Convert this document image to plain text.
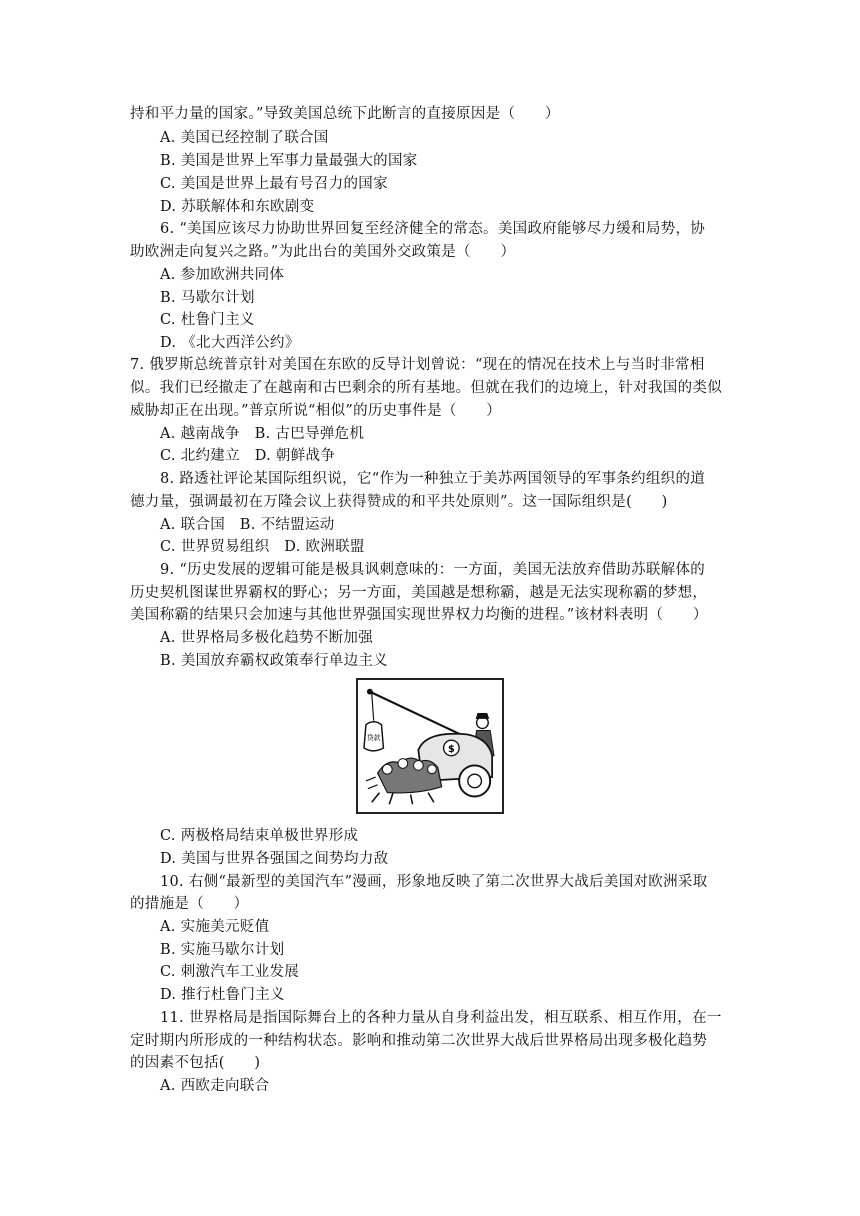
持和平力量的国家。”导致美国总统下此断言的直接原因是（　　）
A. 美国已经控制了联合国
B. 美国是世界上军事力量最强大的国家
C. 美国是世界上最有号召力的国家
D. 苏联解体和东欧剧变
6. “美国应该尽力协助世界回复至经济健全的常态。美国政府能够尽力缓和局势，协
助欧洲走向复兴之路。”为此出台的美国外交政策是（　　）
A. 参加欧洲共同体
B. 马歇尔计划
C. 杜鲁门主义
D. 《北大西洋公约》
7. 俄罗斯总统普京针对美国在东欧的反导计划曾说：“现在的情况在技术上与当时非常相
似。我们已经撤走了在越南和古巴剩余的所有基地。但就在我们的边境上，针对我国的类似
威胁却正在出现。”普京所说“相似”的历史事件是（　　）
A. 越南战争　B. 古巴导弹危机
C. 北约建立　D. 朝鲜战争
8. 路透社评论某国际组织说，它“作为一种独立于美苏两国领导的军事条约组织的道
德力量，强调最初在万隆会议上获得赞成的和平共处原则”。这一国际组织是(　　)
A. 联合国　B. 不结盟运动
C. 世界贸易组织　D. 欧洲联盟
9. “历史发展的逻辑可能是极具讽刺意味的：一方面，美国无法放弃借助苏联解体的
历史契机图谋世界霸权的野心；另一方面，美国越是想称霸，越是无法实现称霸的梦想，
美国称霸的结果只会加速与其他世界强国实现世界权力均衡的进程。”该材料表明（　　）
A. 世界格局多极化趋势不断加强
B. 美国放弃霸权政策奉行单边主义
贷款
$
C. 两极格局结束单极世界形成
D. 美国与世界各强国之间势均力敌
10. 右侧“最新型的美国汽车”漫画，形象地反映了第二次世界大战后美国对欧洲采取
的措施是（　　）
A. 实施美元贬值
B. 实施马歇尔计划
C. 刺激汽车工业发展
D. 推行杜鲁门主义
11. 世界格局是指国际舞台上的各种力量从自身利益出发，相互联系、相互作用，在一
定时期内所形成的一种结构状态。影响和推动第二次世界大战后世界格局出现多极化趋势
的因素不包括(　　)
A. 西欧走向联合
